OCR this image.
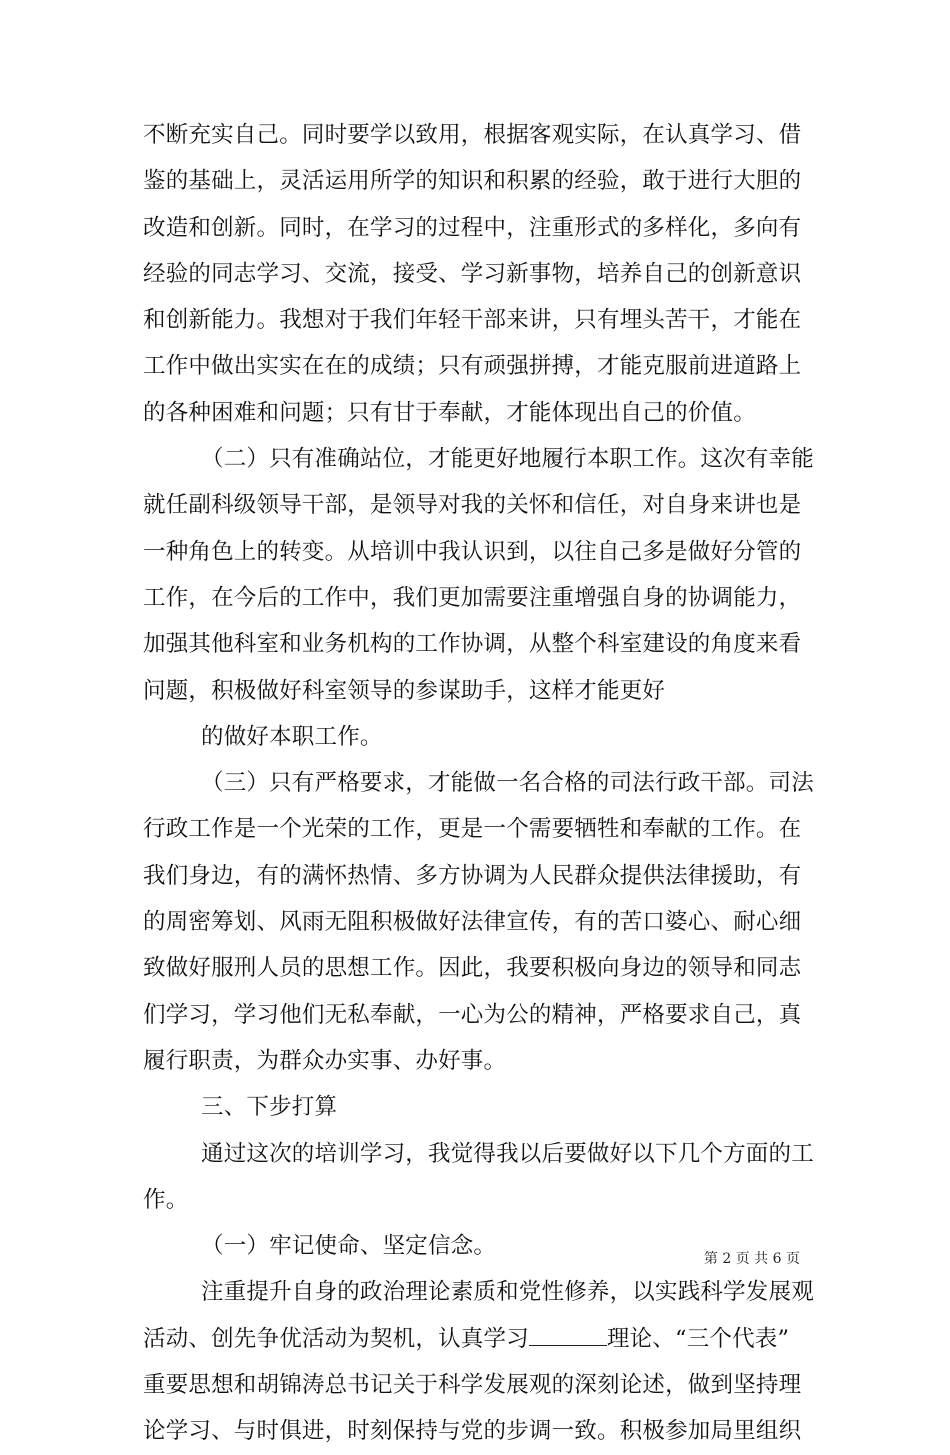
不断充实自己。同时要学以致用，根据客观实际，在认真学习、借
鉴的基础上，灵活运用所学的知识和积累的经验，敢于进行大胆的
改造和创新。同时，在学习的过程中，注重形式的多样化，多向有
经验的同志学习、交流，接受、学习新事物，培养自己的创新意识
和创新能力。我想对于我们年轻干部来讲，只有埋头苦干，才能在
工作中做出实实在在的成绩；只有顽强拼搏，才能克服前进道路上
的各种困难和问题；只有甘于奉献，才能体现出自己的价值。
（二）只有准确站位，才能更好地履行本职工作。这次有幸能
就任副科级领导干部，是领导对我的关怀和信任，对自身来讲也是
一种角色上的转变。从培训中我认识到，以往自己多是做好分管的
工作，在今后的工作中，我们更加需要注重增强自身的协调能力，
加强其他科室和业务机构的工作协调，从整个科室建设的角度来看
问题，积极做好科室领导的参谋助手，这样才能更好
的做好本职工作。
（三）只有严格要求，才能做一名合格的司法行政干部。司法
行政工作是一个光荣的工作，更是一个需要牺牲和奉献的工作。在
我们身边，有的满怀热情、多方协调为人民群众提供法律援助，有
的周密筹划、风雨无阻积极做好法律宣传，有的苦口婆心、耐心细
致做好服刑人员的思想工作。因此，我要积极向身边的领导和同志
们学习，学习他们无私奉献，一心为公的精神，严格要求自己，真
履行职责，为群众办实事、办好事。
三、下步打算
通过这次的培训学习，我觉得我以后要做好以下几个方面的工
作。
（一）牢记使命、坚定信念。
注重提升自身的政治理论素质和党性修养，以实践科学发展观
活动、创先争优活动为契机，认真学习	理论、“三个代表”
重要思想和胡锦涛总书记关于科学发展观的深刻论述，做到坚持理
论学习、与时俱进，时刻保持与党的步调一致。积极参加局里组织
第 2 页 共 6 页
